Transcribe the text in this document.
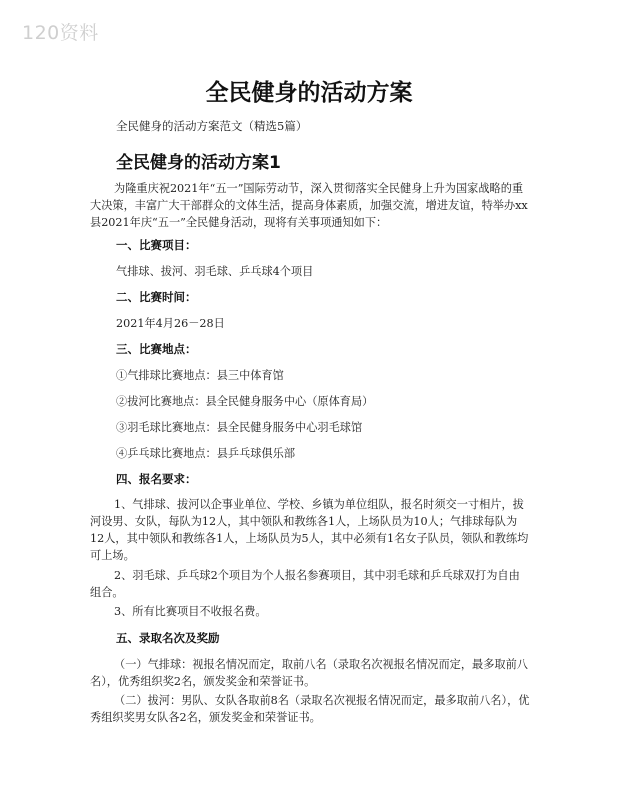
120资料
全民健身的活动方案
全民健身的活动方案范文（精选5篇）
全民健身的活动方案1
为隆重庆祝2021年“五一”国际劳动节，深入贯彻落实全民健身上升为国家战略的重大决策，丰富广大干部群众的文体生活，提高身体素质，加强交流，增进友谊，特举办xx县2021年庆“五一”全民健身活动，现将有关事项通知如下：
一、比赛项目：
气排球、拔河、羽毛球、乒乓球4个项目
二、比赛时间：
2021年4月26－28日
三、比赛地点：
①气排球比赛地点：县三中体育馆
②拔河比赛地点：县全民健身服务中心（原体育局）
③羽毛球比赛地点：县全民健身服务中心羽毛球馆
④乒乓球比赛地点：县乒乓球俱乐部
四、报名要求：
1、气排球、拔河以企事业单位、学校、乡镇为单位组队，报名时须交一寸相片，拔河设男、女队，每队为12人，其中领队和教练各1人，上场队员为10人；气排球每队为12人，其中领队和教练各1人，上场队员为5人，其中必须有1名女子队员，领队和教练均可上场。
2、羽毛球、乒乓球2个项目为个人报名参赛项目，其中羽毛球和乒乓球双打为自由组合。
3、所有比赛项目不收报名费。
五、录取名次及奖励
（一）气排球：视报名情况而定，取前八名（录取名次视报名情况而定，最多取前八名），优秀组织奖2名，颁发奖金和荣誉证书。
（二）拔河：男队、女队各取前8名（录取名次视报名情况而定，最多取前八名），优秀组织奖男女队各2名，颁发奖金和荣誉证书。
